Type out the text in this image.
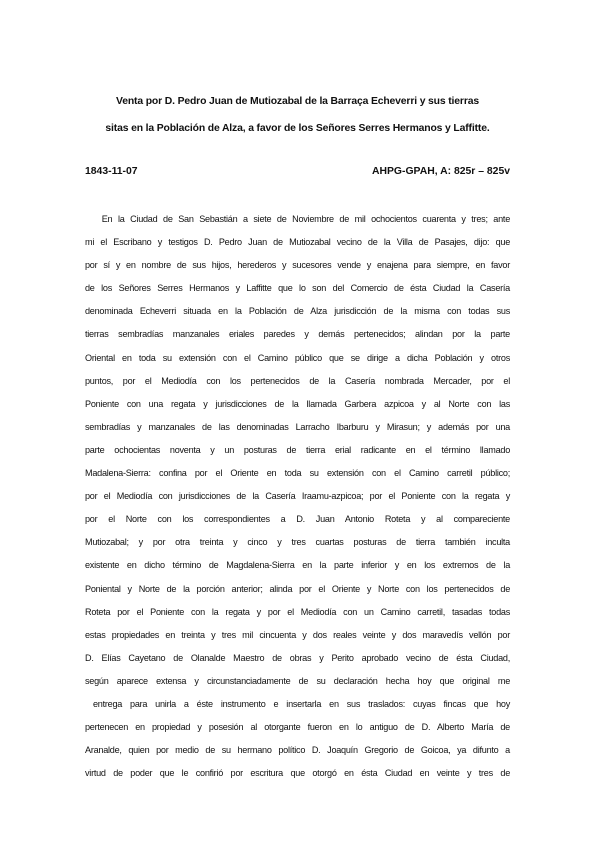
Venta por D. Pedro Juan de Mutiozabal de la Barraça Echeverri y sus tierras
sitas en la Población de Alza, a favor de los Señores Serres Hermanos y Laffitte.
1843-11-07	AHPG-GPAH, A: 825r – 825v
En la Ciudad de San Sebastián a siete de Noviembre de mil ochocientos cuarenta y tres; ante
mi el Escribano y testigos D. Pedro Juan de Mutiozabal vecino de la Villa de Pasajes, dijo: que
por sí y en nombre de sus hijos, herederos y sucesores vende y enajena para siempre, en favor
de los Señores Serres Hermanos y Laffitte que lo son del Comercio de ésta Ciudad la Casería
denominada Echeverri situada en la Población de Alza jurisdicción de la misma con todas sus
tierras sembradías manzanales eriales paredes y demás pertenecidos; alindan por la parte
Oriental en toda su extensión con el Camino público que se dirige a dicha Población y otros
puntos, por el Mediodía con los pertenecidos de la Casería nombrada Mercader, por el
Poniente con una regata y jurisdicciones de la llamada Garbera azpicoa y al Norte con las
sembradías y manzanales de las denominadas Larracho Ibarburu y Mirasun; y además por una
parte ochocientas noventa y un posturas de tierra erial radicante en el término llamado
Madalena-Sierra: confina por el Oriente en toda su extensión con el Camino carretil público;
por el Mediodía con jurisdicciones de la Casería Iraamu-azpicoa; por el Poniente con la regata y
por el Norte con los correspondientes a D. Juan Antonio Roteta y al compareciente
Mutiozabal; y por otra treinta y cinco y tres cuartas posturas de tierra también inculta
existente en dicho término de Magdalena-Sierra en la parte inferior y en los extremos de la
Poniental y Norte de la porción anterior; alinda por el Oriente y Norte con los pertenecidos de
Roteta por el Poniente con la regata y por el Mediodía con un Camino carretil, tasadas todas
estas propiedades en treinta y tres mil cincuenta y dos reales veinte y dos maravedís vellón por
D. Elías Cayetano de Olanalde Maestro de obras y Perito aprobado vecino de ésta Ciudad,
según aparece extensa y circunstanciadamente de su declaración hecha hoy que original me
entrega para unirla a éste instrumento e insertarla en sus traslados: cuyas fincas que hoy
pertenecen en propiedad y posesión al otorgante fueron en lo antiguo de D. Alberto María de
Aranalde, quien por medio de su hermano político D. Joaquín Gregorio de Goicoa, ya difunto a
virtud de poder que le confirió por escritura que otorgó en ésta Ciudad en veinte y tres de
